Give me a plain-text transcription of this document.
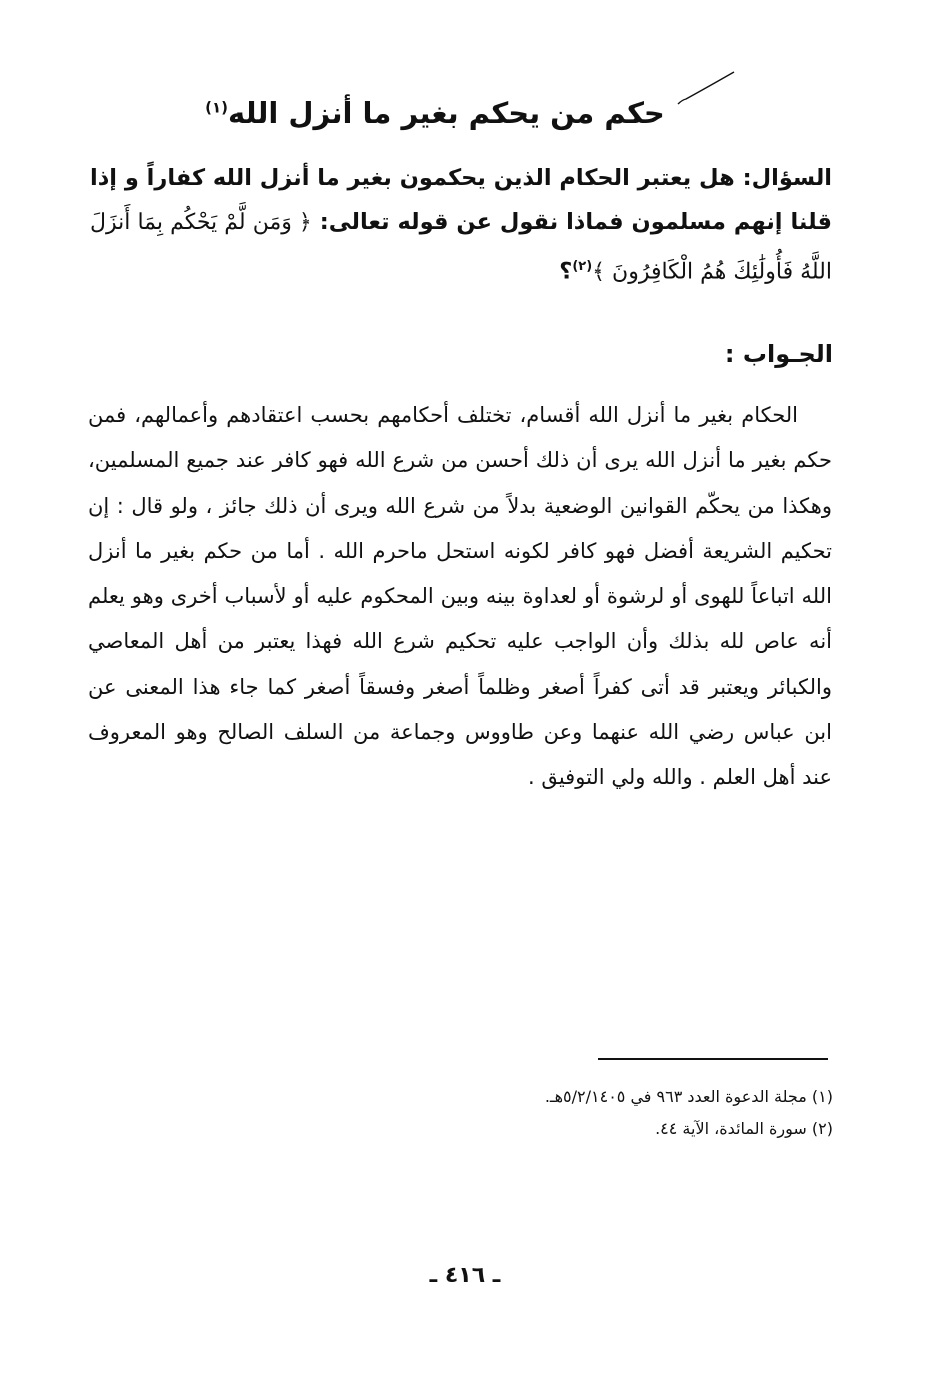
حكم من يحكم بغير ما أنزل الله$^{(١)}$
السؤال: هل يعتبر الحكام الذين يحكمون بغير ما أنزل الله كفاراً و إذا قلنا إنهم مسلمون فماذا نقول عن قوله تعالى: ﴿ وَمَن لَّمْ يَحْكُم بِمَا أَنزَلَ اللَّهُ فَأُولَٰئِكَ هُمُ الْكَافِرُونَ ﴾$^{(٢)}$؟
الجـواب :

الحكام بغير ما أنزل الله أقسام، تختلف أحكامهم بحسب اعتقادهم وأعمالهم، فمن حكم بغير ما أنزل الله يرى أن ذلك أحسن من شرع الله فهو كافر عند جميع المسلمين، وهكذا من يحكّم القوانين الوضعية بدلاً من شرع الله ويرى أن ذلك جائز ، ولو قال : إن تحكيم الشريعة أفضل فهو كافر لكونه استحل ماحرم الله . أما من حكم بغير ما أنزل الله اتباعاً للهوى أو لرشوة أو لعداوة بينه وبين المحكوم عليه أو لأسباب أخرى وهو يعلم أنه عاص لله بذلك وأن الواجب عليه تحكيم شرع الله فهذا يعتبر من أهل المعاصي والكبائر ويعتبر قد أتى كفراً أصغر وظلماً أصغر وفسقاً أصغر كما جاء هذا المعنى عن ابن عباس رضي الله عنهما وعن طاووس وجماعة من السلف الصالح وهو المعروف عند أهل العلم . والله ولي التوفيق .

(١) مجلة الدعوة العدد ٩٦٣ في ٥/٢/١٤٠٥هـ.
(٢) سورة المائدة، الآية ٤٤.
ـ ٤١٦ ـ
